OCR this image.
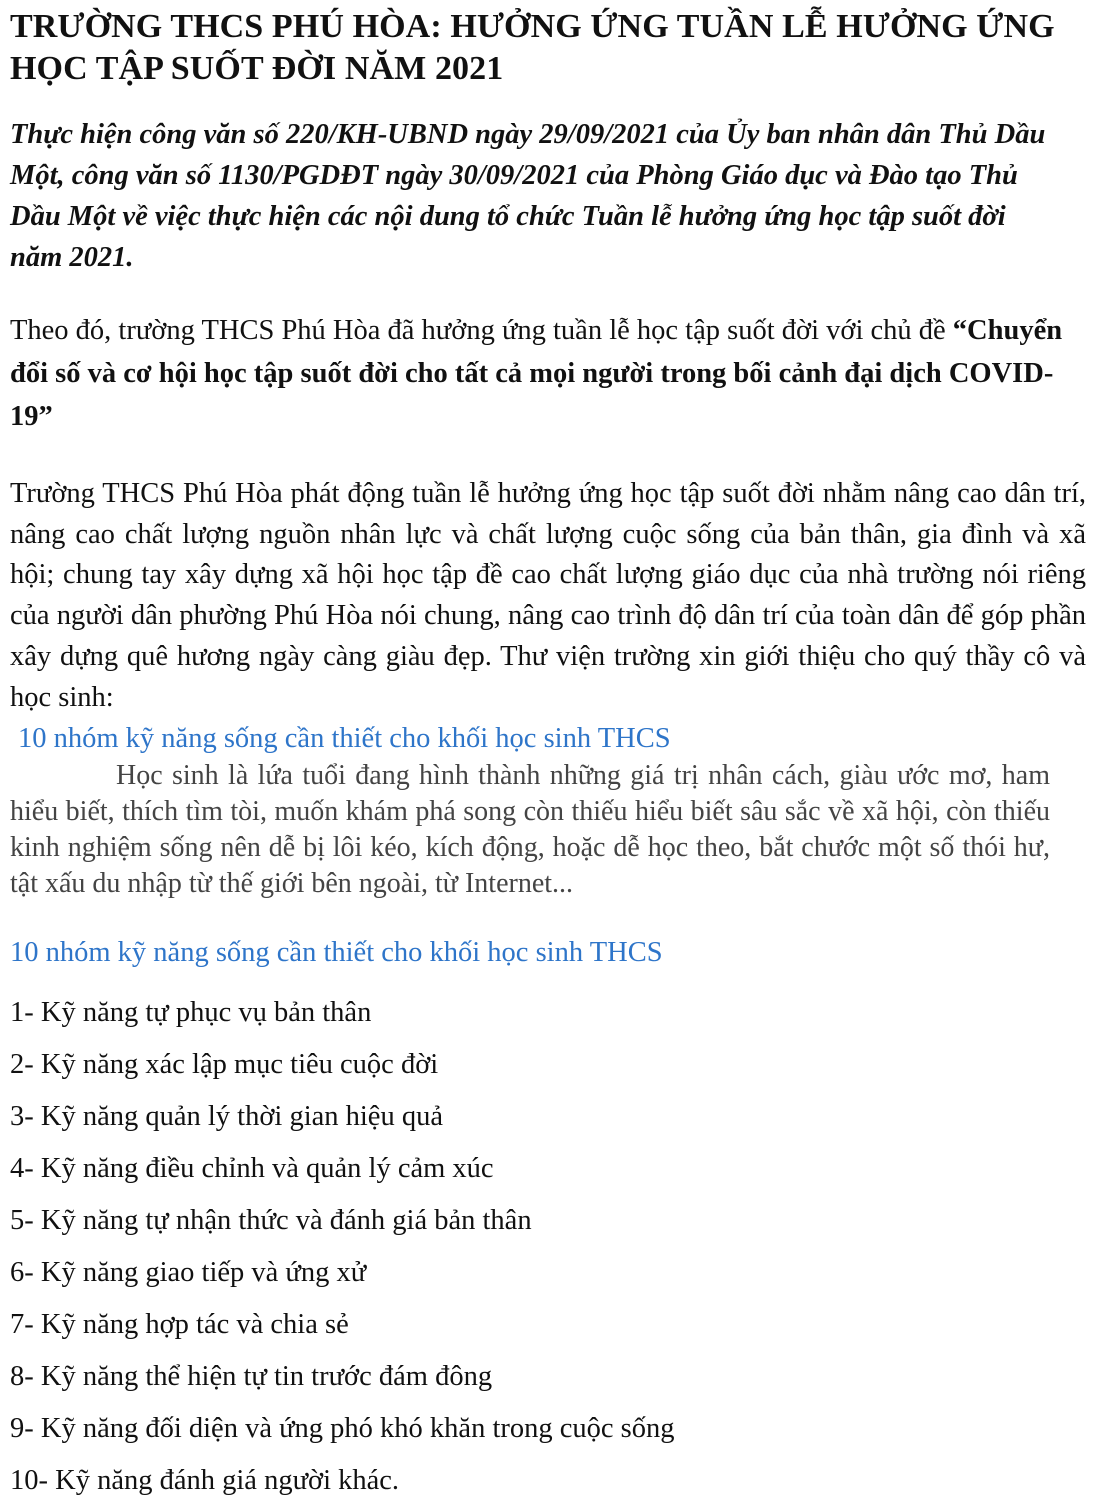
TRƯỜNG THCS PHÚ HÒA: HƯỞNG ỨNG TUẦN LỄ HƯỞNG ỨNG HỌC TẬP SUỐT ĐỜI NĂM 2021

Thực hiện công văn số 220/KH-UBND ngày 29/09/2021 của Ủy ban nhân dân Thủ Dầu Một, công văn số 1130/PGDĐT ngày 30/09/2021 của Phòng Giáo dục và Đào tạo Thủ Dầu Một về việc thực hiện các nội dung tổ chức Tuần lễ hưởng ứng học tập suốt đời năm 2021.

Theo đó, trường THCS Phú Hòa đã hưởng ứng tuần lễ học tập suốt đời với chủ đề “Chuyển đổi số và cơ hội học tập suốt đời cho tất cả mọi người trong bối cảnh đại dịch COVID-19”

Trường THCS Phú Hòa phát động tuần lễ hưởng ứng học tập suốt đời nhằm nâng cao dân trí, nâng cao chất lượng nguồn nhân lực và chất lượng cuộc sống của bản thân, gia đình và xã hội; chung tay xây dựng xã hội học tập đề cao chất lượng giáo dục của nhà trường nói riêng của người dân phường Phú Hòa nói chung, nâng cao trình độ dân trí của toàn dân để góp phần xây dựng quê hương ngày càng giàu đẹp. Thư viện trường xin giới thiệu cho quý thầy cô và học sinh:

10 nhóm kỹ năng sống cần thiết cho khối học sinh THCS

Học sinh là lứa tuổi đang hình thành những giá trị nhân cách, giàu ước mơ, ham hiểu biết, thích tìm tòi, muốn khám phá song còn thiếu hiểu biết sâu sắc về xã hội, còn thiếu kinh nghiệm sống nên dễ bị lôi kéo, kích động, hoặc dễ học theo, bắt chước một số thói hư, tật xấu du nhập từ thế giới bên ngoài, từ Internet...

10 nhóm kỹ năng sống cần thiết cho khối học sinh THCS
1- Kỹ năng tự phục vụ bản thân
2- Kỹ năng xác lập mục tiêu cuộc đời
3- Kỹ năng quản lý thời gian hiệu quả
4- Kỹ năng điều chỉnh và quản lý cảm xúc
5- Kỹ năng tự nhận thức và đánh giá bản thân
6- Kỹ năng giao tiếp và ứng xử
7- Kỹ năng hợp tác và chia sẻ
8- Kỹ năng thể hiện tự tin trước đám đông
9- Kỹ năng đối diện và ứng phó khó khăn trong cuộc sống
10- Kỹ năng đánh giá người khác.
